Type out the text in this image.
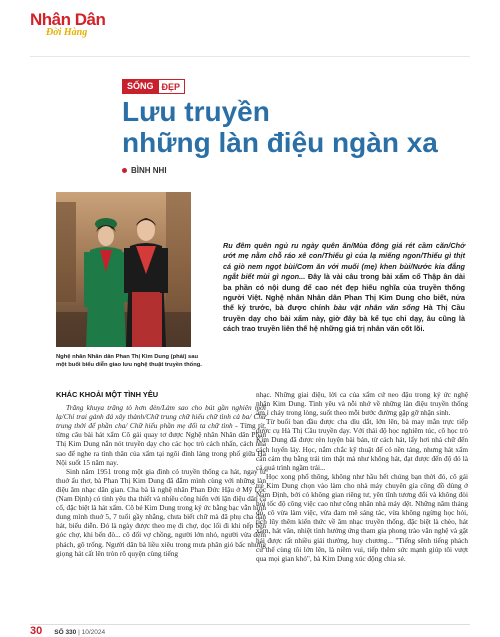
Nhân Dân
Đời Hàng
SỐNG ĐẸP
Lưu truyền
những làn điệu ngàn xa
BÌNH NHI
Nghệ nhân Nhân dân Phan Thị Kim Dung (phải) sau một buổi biểu diễn giao lưu nghệ thuật truyền thống.
Ru đêm quên ngủ ru ngày quên ăn/Mùa đông giá rét cầm căn/Chở ướt mẹ nằm chỗ ráo xê con/Thiếu gì của lạ miếng ngon/Thiếu gì thịt cá giò nem ngọt bùi/Cơm ăn với muối (mẹ) khen bùi/Nước kia đắng ngắt biết mùi gì ngon... Đây là vài câu trong bài xẩm cổ Thập ân dài ba phần có nội dung để cao nét đẹp hiếu nghĩa của truyền thống người Việt. Nghệ nhân Nhân dân Phan Thị Kim Dung cho biết, nửa thế kỷ trước, bà được chính bàu vật nhân văn sống Hà Thị Cầu truyền dạy cho bài xẩm này, giờ đây bà kể tục chỉ dạy, âu cũng là cách trao truyền liên thế hệ những giá trị nhân văn cốt lõi.

KHÁC KHOẢI MỘT TÌNH YÊU

Trăng khuya trăng tỏ hơn đèn/Làm sao cho bút gần nghiên mới lạ/Chỉ trai gánh đá xây thành/Chữ trung chữ hiếu chữ tình cả ba/ Chữ trung thời để phần cha/ Chữ hiếu phần mẹ đổi ta chữ tình - Từng từ, từng câu bài hát xẩm Cô gái quay tơ được Nghệ nhân Nhân dân Phan Thị Kim Dung nắn nót truyền dạy cho các học trò cách nhấn, cách nhả sao để nghe ra tình thân của xẩm tại ngôi đình làng trong phố giữa Hà Nội suốt 15 năm nay.

Sinh năm 1951 trong một gia đình có truyền thống ca hát, ngay từ thuở ấu thơ, bà Phan Thị Kim Dung đã đắm mình cùng với những làn điệu âm nhạc dân gian. Cha bà là nghệ nhân Phan Đức Hậu ở Mỹ Lộc (Nam Định) có tình yêu tha thiết và nhiều công hiến với lận điệu dân ca cổ, đặc biệt là hát xẩm. Cô bé Kim Dung trong ký ức bằng bạc vẫn hình dung mình thuở 5, 7 tuổi gầy nhẳng, chưa biết chữ mà đã phụ cha đàn hát, biểu diễn. Đó là ngày được theo mẹ đi chợ, dọc lối đi khi nếp bên góc chợ, khi bến đò... cô đối vợ chồng, người lớn nhỏ, người vừa đệm phách, gõ trống. Người dân bà liều xiêu trong mưa phân gió bấc nhưng giọng hát cất lên tròn rõ quyện cùng tiếng

nhạc. Những giai điệu, lời ca của xẩm cứ neo đậu trong ký ức nghệ nhân Kim Dung. Tình yêu và nỗi nhớ về những làn điệu truyền thống âm ỉ cháy trong lòng, suốt theo mỗi bước đường gặp gỡ nhận sinh.

Từ buổi ban đầu được cha dìu dắt, lớn lên, bà may mắn trực tiếp được cụ Hà Thị Cầu truyền dạy. Với thái độ học nghiêm túc, cô học trò Kim Dung đã được rèn luyện bài bản, từ cách hát, lấy hơi nhả chữ đến cách luyến láy. Học, nắm chắc kỹ thuật để có nền tảng, nhưng hát xẩm cần cảm thụ bằng trái tim thật mà như không hát, đạt được đến độ đó là cả quá trình ngầm trải...

Học xong phổ thông, không như hầu hết chúng bạn thời đó, cô gái trẻ Kim Dung chọn vào làm cho nhà máy chuyên gia công đồ dùng ở Nam Định, bởi có không gian riêng tư, yên tĩnh tương đối và không đòi hỏi tốc độ công việc cao như công nhân nhà máy dệt. Những năm tháng đó, cô vừa làm việc, vừa đam mê sáng tác, vừa không ngừng học hỏi, tích lũy thêm kiến thức về âm nhạc truyền thống, đặc biệt là chèo, hát xẩm, hát văn, nhiệt tình hưởng ứng tham gia phong trào văn nghệ và gặt hái được rất nhiều giải thưởng, huy chương... "Tiếng sênh tiếng phách cứ thế cùng tôi lớn lên, là niềm vui, tiếp thêm sức mạnh giúp tôi vượt qua mọi gian khó", bà Kim Dung xúc động chia sẻ.

30 SỐ 330 | 10/2024
